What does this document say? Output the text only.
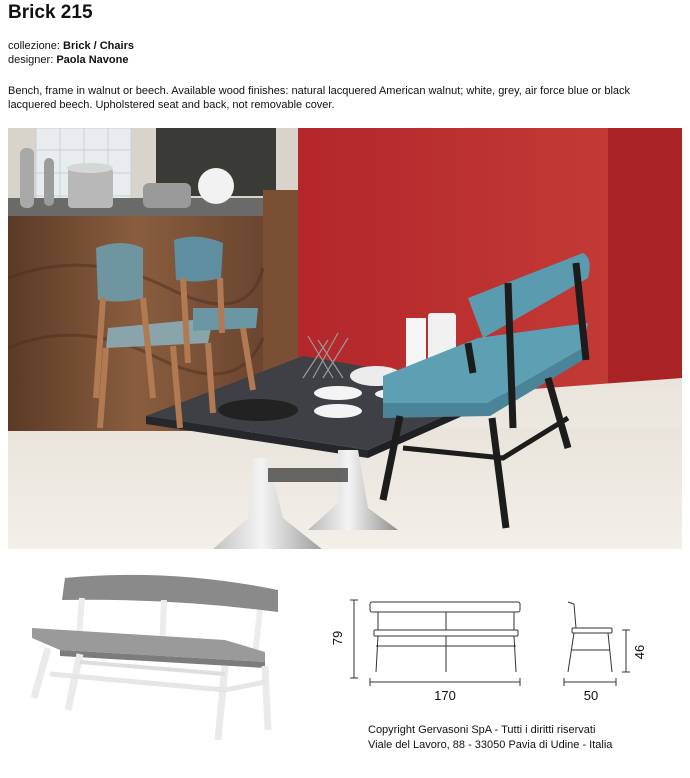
Brick 215
collezione: Brick / Chairs
designer: Paola Navone
Bench, frame in walnut or beech. Available wood finishes: natural lacquered American walnut; white, grey, air force blue or black lacquered beech. Upholstered seat and back, not removable cover.
79
170	50
46
Copyright Gervasoni SpA - Tutti i diritti riservati
Viale del Lavoro, 88 - 33050 Pavia di Udine - Italia
